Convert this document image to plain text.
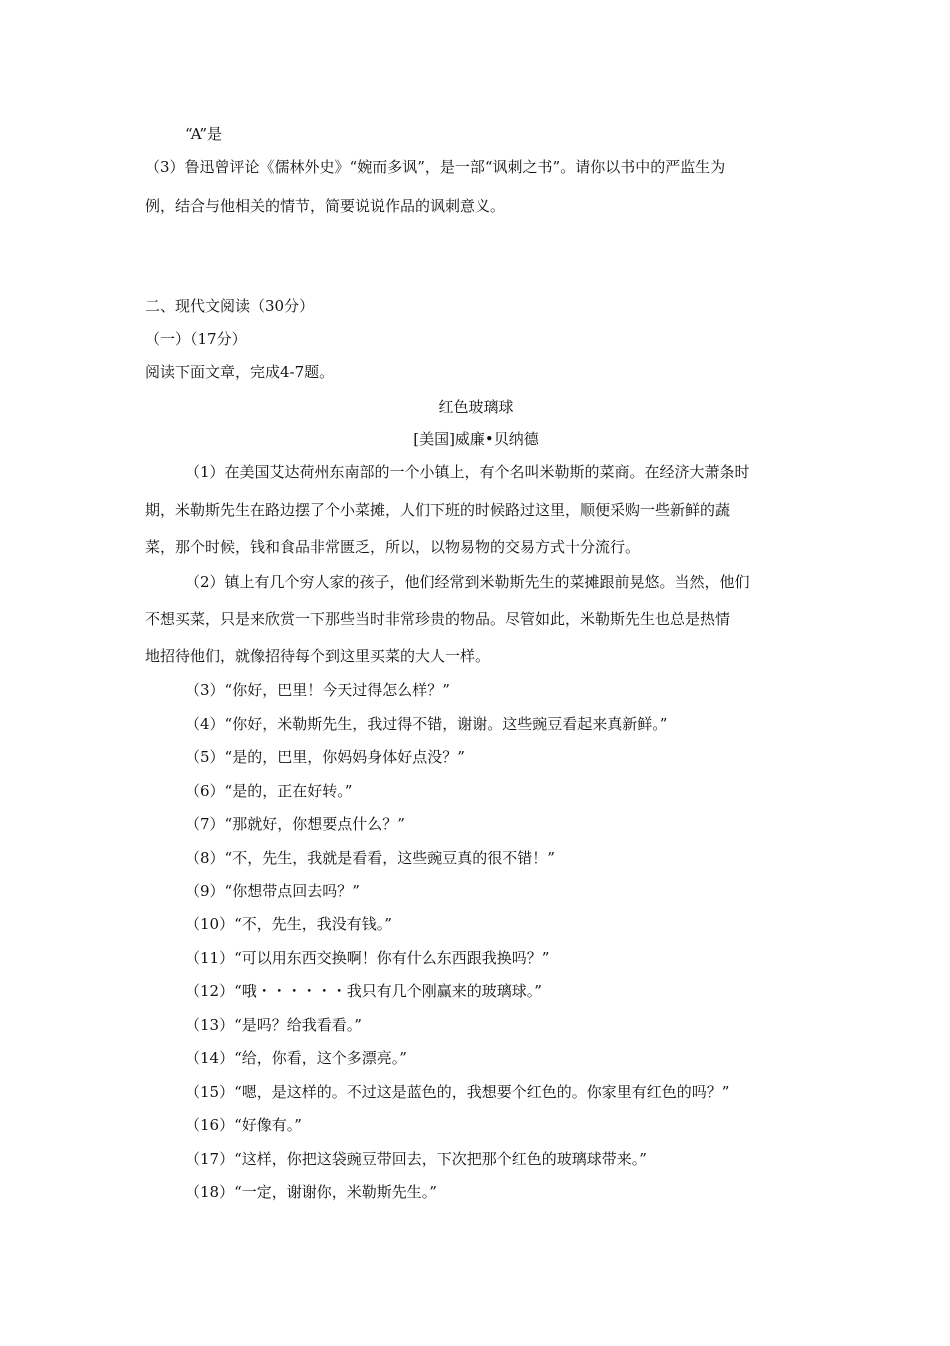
“A”是
（3）鲁迅曾评论《儒林外史》“婉而多讽”，是一部“讽刺之书”。请你以书中的严监生为
例，结合与他相关的情节，简要说说作品的讽刺意义。
二、现代文阅读（30分）
（一）（17分）
阅读下面文章，完成4-7题。
红色玻璃球
[美国]威廉•贝纳德
（1）在美国艾达荷州东南部的一个小镇上，有个名叫米勒斯的菜商。在经济大萧条时
期，米勒斯先生在路边摆了个小菜摊，人们下班的时候路过这里，顺便采购一些新鲜的蔬
菜，那个时候，钱和食品非常匮乏，所以，以物易物的交易方式十分流行。
（2）镇上有几个穷人家的孩子，他们经常到米勒斯先生的菜摊跟前晃悠。当然，他们
不想买菜，只是来欣赏一下那些当时非常珍贵的物品。尽管如此，米勒斯先生也总是热情
地招待他们，就像招待每个到这里买菜的大人一样。
（3）“你好，巴里！今天过得怎么样？”
（4）“你好，米勒斯先生，我过得不错，谢谢。这些豌豆看起来真新鲜。”
（5）“是的，巴里，你妈妈身体好点没？”
（6）“是的，正在好转。”
（7）“那就好，你想要点什么？”
（8）“不，先生，我就是看看，这些豌豆真的很不错！”
（9）“你想带点回去吗？”
（10）“不，先生，我没有钱。”
（11）“可以用东西交换啊！你有什么东西跟我换吗？”
（12）“哦・・・・・・我只有几个刚赢来的玻璃球。”
（13）“是吗？给我看看。”
（14）“给，你看，这个多漂亮。”
（15）“嗯，是这样的。不过这是蓝色的，我想要个红色的。你家里有红色的吗？”
（16）“好像有。”
（17）“这样，你把这袋豌豆带回去，下次把那个红色的玻璃球带来。”
（18）“一定，谢谢你，米勒斯先生。”
